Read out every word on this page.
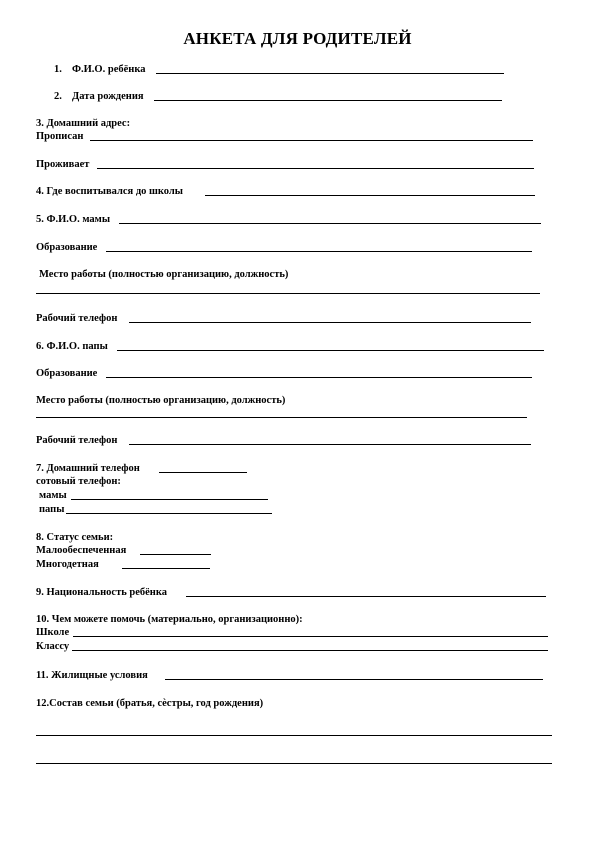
АНКЕТА ДЛЯ РОДИТЕЛЕЙ
1. Ф.И.О. ребёнка
2. Дата рождения
3. Домашний адрес:
Прописан
Проживает
4. Где воспитывался до школы
5. Ф.И.О. мамы
Образование
Место работы (полностью организацию, должность)
Рабочий телефон
6. Ф.И.О. папы
Образование
Место работы (полностью организацию, должность)
Рабочий телефон
7. Домашний телефон
сотовый телефон:
мамы
папы
8. Статус семьи:
Малообеспеченная
Многодетная
9. Национальность ребёнка
10. Чем можете помочь (материально, организационно):
Школе
Классу
11. Жилищные условия
12.Состав семьи (братья, сѐстры, год рождения)
